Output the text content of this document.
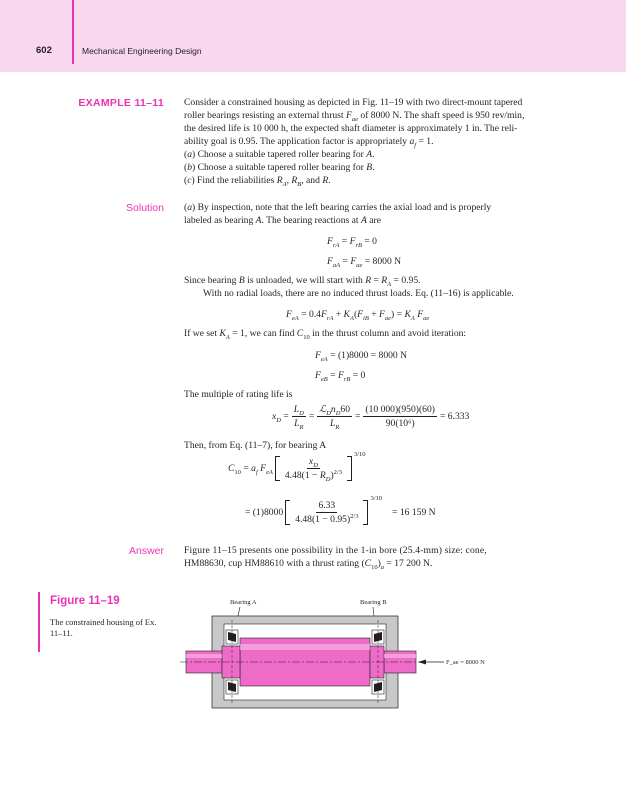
602	Mechanical Engineering Design
EXAMPLE 11–11 Consider a constrained housing as depicted in Fig. 11–19 with two direct-mount tapered
roller bearings resisting an external thrust $F_{ae}$ of 8000 N. The shaft speed is 950 rev/min,
the desired life is 10 000 h, the expected shaft diameter is approximately 1 in. The reli-
ability goal is 0.95. The application factor is appropriately $a_f = 1$.
(a) Choose a suitable tapered roller bearing for A.
(b) Choose a suitable tapered roller bearing for B.
(c) Find the reliabilities $R_A$, $R_B$, and R.
Solution (a) By inspection, note that the left bearing carries the axial load and is properly
labeled as bearing A. The bearing reactions at A are
$F_{rA} = F_{rB} = 0$
$F_{aA} = F_{ae} = 8000$ N
Since bearing B is unloaded, we will start with $R = R_A = 0.95$.
With no radial loads, there are no induced thrust loads. Eq. (11–16) is applicable.
$F_{eA} = 0.4F_{rA} + K_A(F_{iB} + F_{ae}) = K_A$ $F_{ae}$
If we set $K_A = 1$, we can find $C_{10}$ in the thrust column and avoid iteration:
$F_{eA} = (1)8000 = 8000$ N
$F_{eB} = F_{rB} = 0$
The multiple of rating life is
$x_D = \frac{L_D}{L_R} = \frac{ℒ_Dn_D60}{L_R} = \frac{(10 000)(950)(60)}{\text{90(10⁶)}} = 6.333$
Then, from Eq. (11–7), for bearing A
$C_{10} = a_f$ $F_{eA} \frac{x_D}{4.48(1 - R_D)^{2/3}}$
3/10
= $(1)8000 \frac{6.33}{4.48(1 - 0.95)^{2/3}}$
3/10
= 16 159 N
Answer Figure 11–15 presents one possibility in the 1-in bore (25.4-mm) size: cone,
HM88630, cup HM88610 with a thrust rating $(C_{10})_a = 17$ 200 N.
Figure 11–19
The constrained housing of Ex. 11–11.
Bearing A	Bearing B
F_ae = 8000 N
